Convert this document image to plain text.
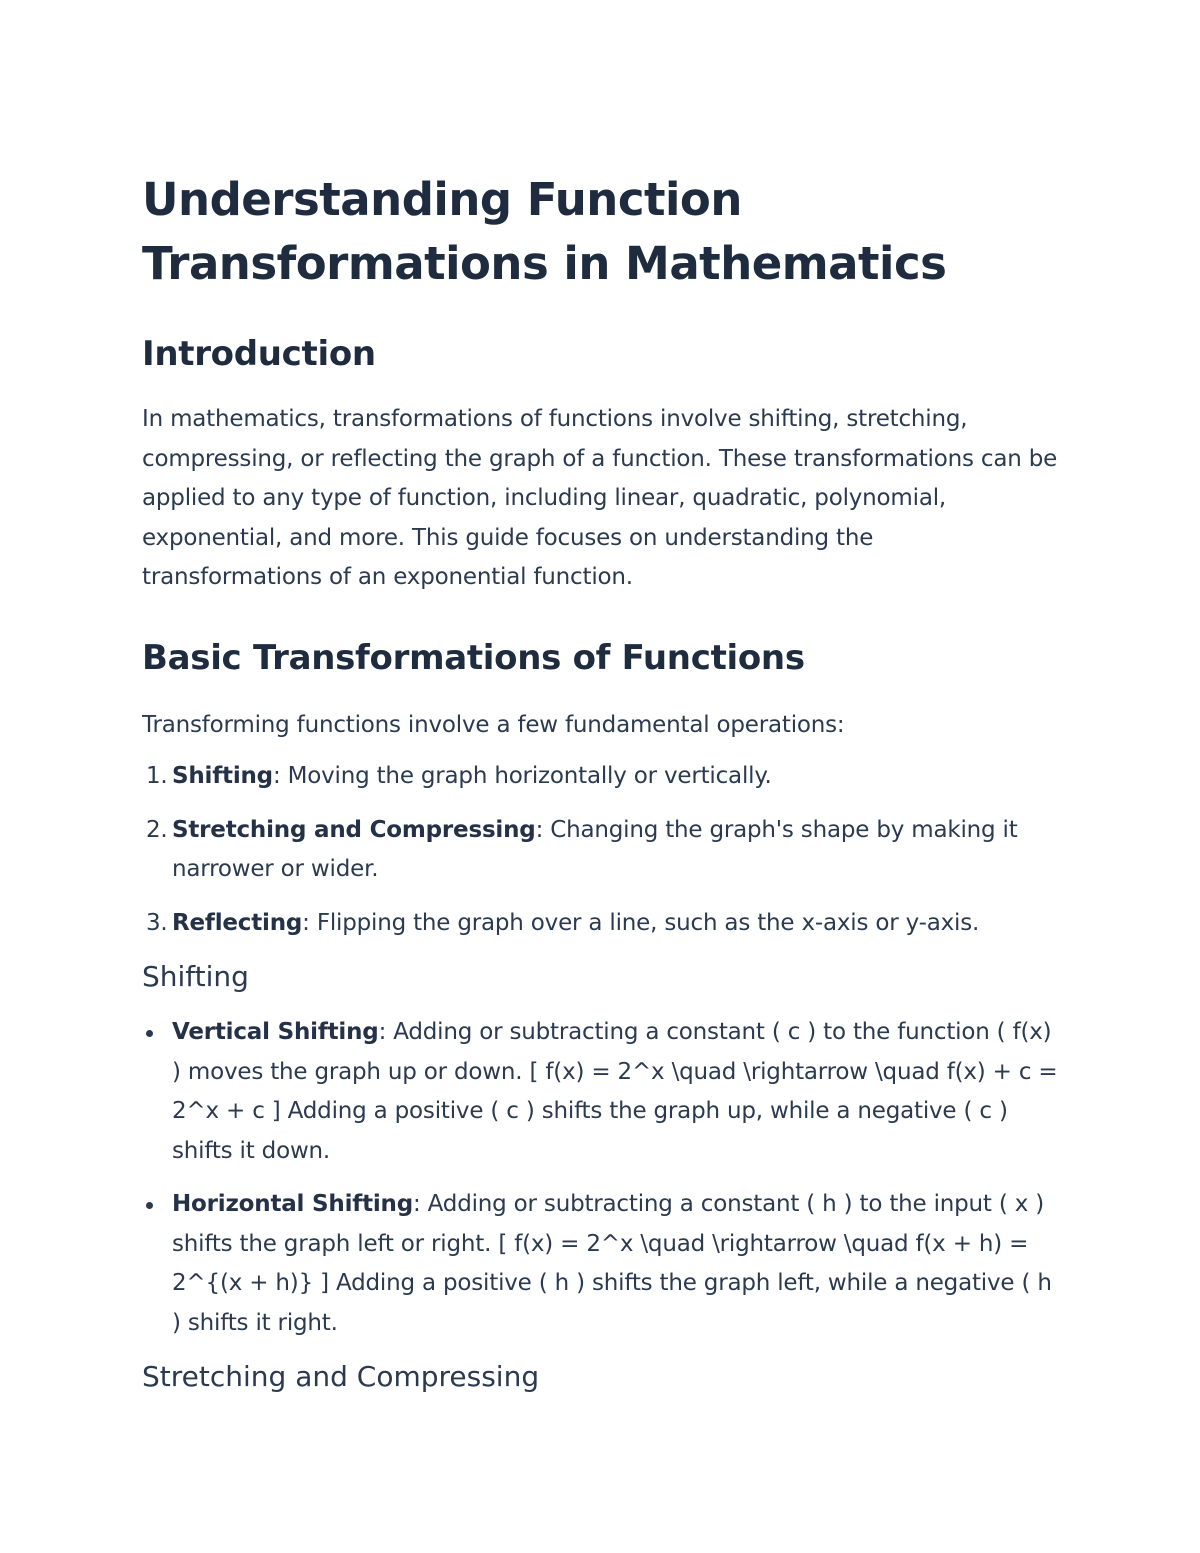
Understanding Function Transformations in Mathematics
Introduction

In mathematics, transformations of functions involve shifting, stretching, compressing, or reflecting the graph of a function. These transformations can be applied to any type of function, including linear, quadratic, polynomial, exponential, and more. This guide focuses on understanding the transformations of an exponential function.

Basic Transformations of Functions

Transforming functions involve a few fundamental operations:

1. Shifting: Moving the graph horizontally or vertically.
2. Stretching and Compressing: Changing the graph's shape by making it narrower or wider.
3. Reflecting: Flipping the graph over a line, such as the x-axis or y-axis.
Shifting
Vertical Shifting: Adding or subtracting a constant ( c ) to the function ( f(x) ) moves the graph up or down. [ f(x) = 2^x \quad \rightarrow \quad f(x) + c = 2^x + c ] Adding a positive ( c ) shifts the graph up, while a negative ( c ) shifts it down.
Horizontal Shifting: Adding or subtracting a constant ( h ) to the input ( x ) shifts the graph left or right. [ f(x) = 2^x \quad \rightarrow \quad f(x + h) = 2^{(x + h)} ] Adding a positive ( h ) shifts the graph left, while a negative ( h ) shifts it right.
Stretching and Compressing
